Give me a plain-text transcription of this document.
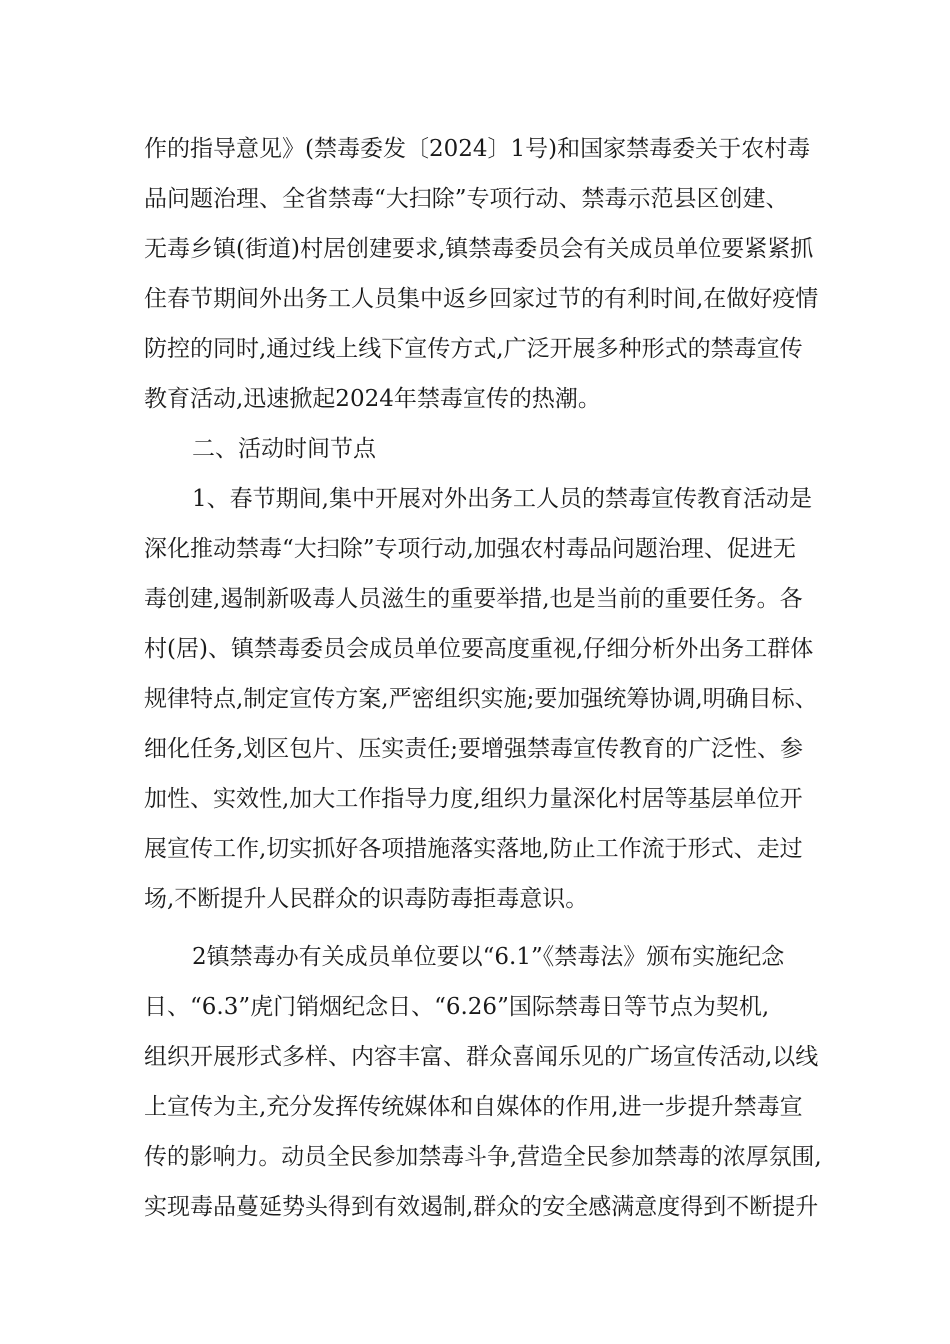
作的指导意见》(禁毒委发〔2024〕1号)和国家禁毒委关于农村毒
品问题治理、全省禁毒“大扫除”专项行动、禁毒示范县区创建、
无毒乡镇(街道)村居创建要求,镇禁毒委员会有关成员单位要紧紧抓
住春节期间外出务工人员集中返乡回家过节的有利时间,在做好疫情
防控的同时,通过线上线下宣传方式,广泛开展多种形式的禁毒宣传
教育活动,迅速掀起2024年禁毒宣传的热潮。
二、活动时间节点
1、春节期间,集中开展对外出务工人员的禁毒宣传教育活动是
深化推动禁毒“大扫除”专项行动,加强农村毒品问题治理、促进无
毒创建,遏制新吸毒人员滋生的重要举措,也是当前的重要任务。各
村(居)、镇禁毒委员会成员单位要高度重视,仔细分析外出务工群体
规律特点,制定宣传方案,严密组织实施;要加强统筹协调,明确目标、
细化任务,划区包片、压实责任;要增强禁毒宣传教育的广泛性、参
加性、实效性,加大工作指导力度,组织力量深化村居等基层单位开
展宣传工作,切实抓好各项措施落实落地,防止工作流于形式、走过
场,不断提升人民群众的识毒防毒拒毒意识。
2镇禁毒办有关成员单位要以“6.1”《禁毒法》颁布实施纪念
日、“6.3”虎门销烟纪念日、“6.26”国际禁毒日等节点为契机,
组织开展形式多样、内容丰富、群众喜闻乐见的广场宣传活动,以线
上宣传为主,充分发挥传统媒体和自媒体的作用,进一步提升禁毒宣
传的影响力。动员全民参加禁毒斗争,营造全民参加禁毒的浓厚氛围,
实现毒品蔓延势头得到有效遏制,群众的安全感满意度得到不断提升
